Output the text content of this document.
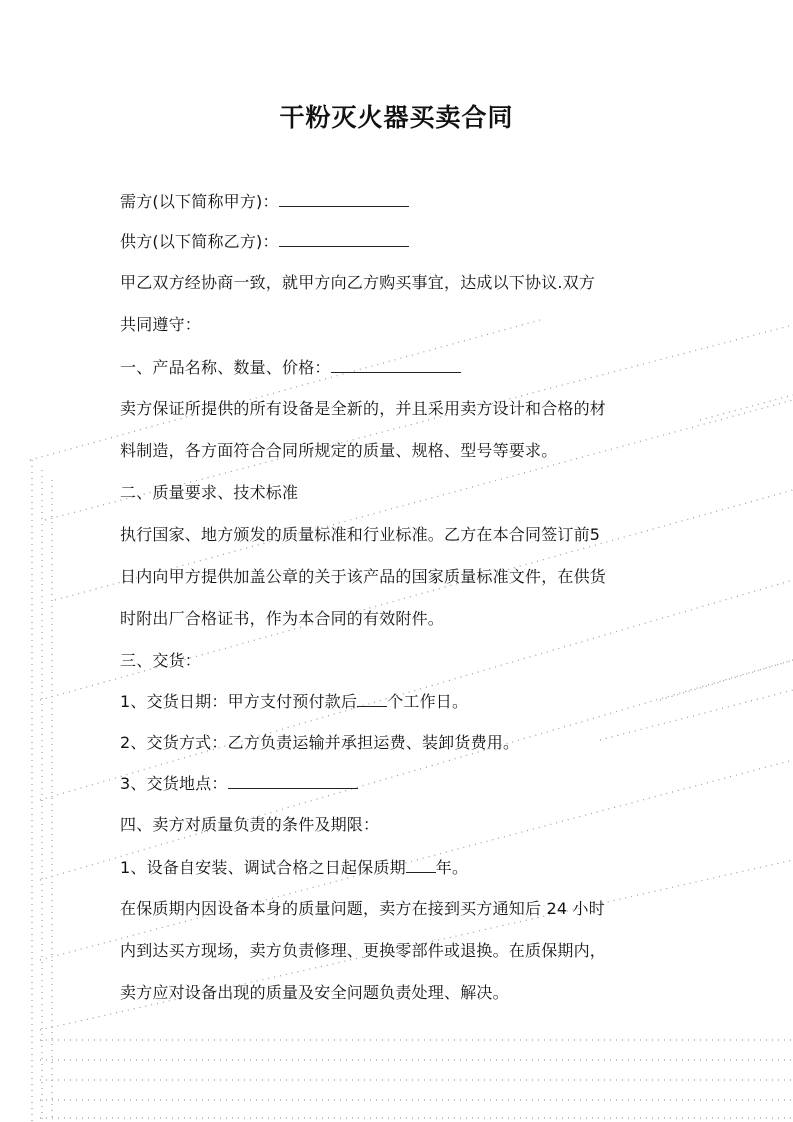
干粉灭火器买卖合同

需方(以下简称甲方)：

供方(以下简称乙方)：

甲乙双方经协商一致，就甲方向乙方购买事宜，达成以下协议.双方

共同遵守：

一、产品名称、数量、价格：

卖方保证所提供的所有设备是全新的，并且采用卖方设计和合格的材

料制造，各方面符合合同所规定的质量、规格、型号等要求。

二、质量要求、技术标准

执行国家、地方颁发的质量标准和行业标准。乙方在本合同签订前5

日内向甲方提供加盖公章的关于该产品的国家质量标准文件，在供货

时附出厂合格证书，作为本合同的有效附件。

三、交货：

1、交货日期：甲方支付预付款后 个工作日。

2、交货方式：乙方负责运输并承担运费、装卸货费用。

3、交货地点：

四、卖方对质量负责的条件及期限：

1、设备自安装、调试合格之日起保质期 年。

在保质期内因设备本身的质量问题，卖方在接到买方通知后 24 小时

内到达买方现场，卖方负责修理、更换零部件或退换。在质保期内，

卖方应对设备出现的质量及安全问题负责处理、解决。
